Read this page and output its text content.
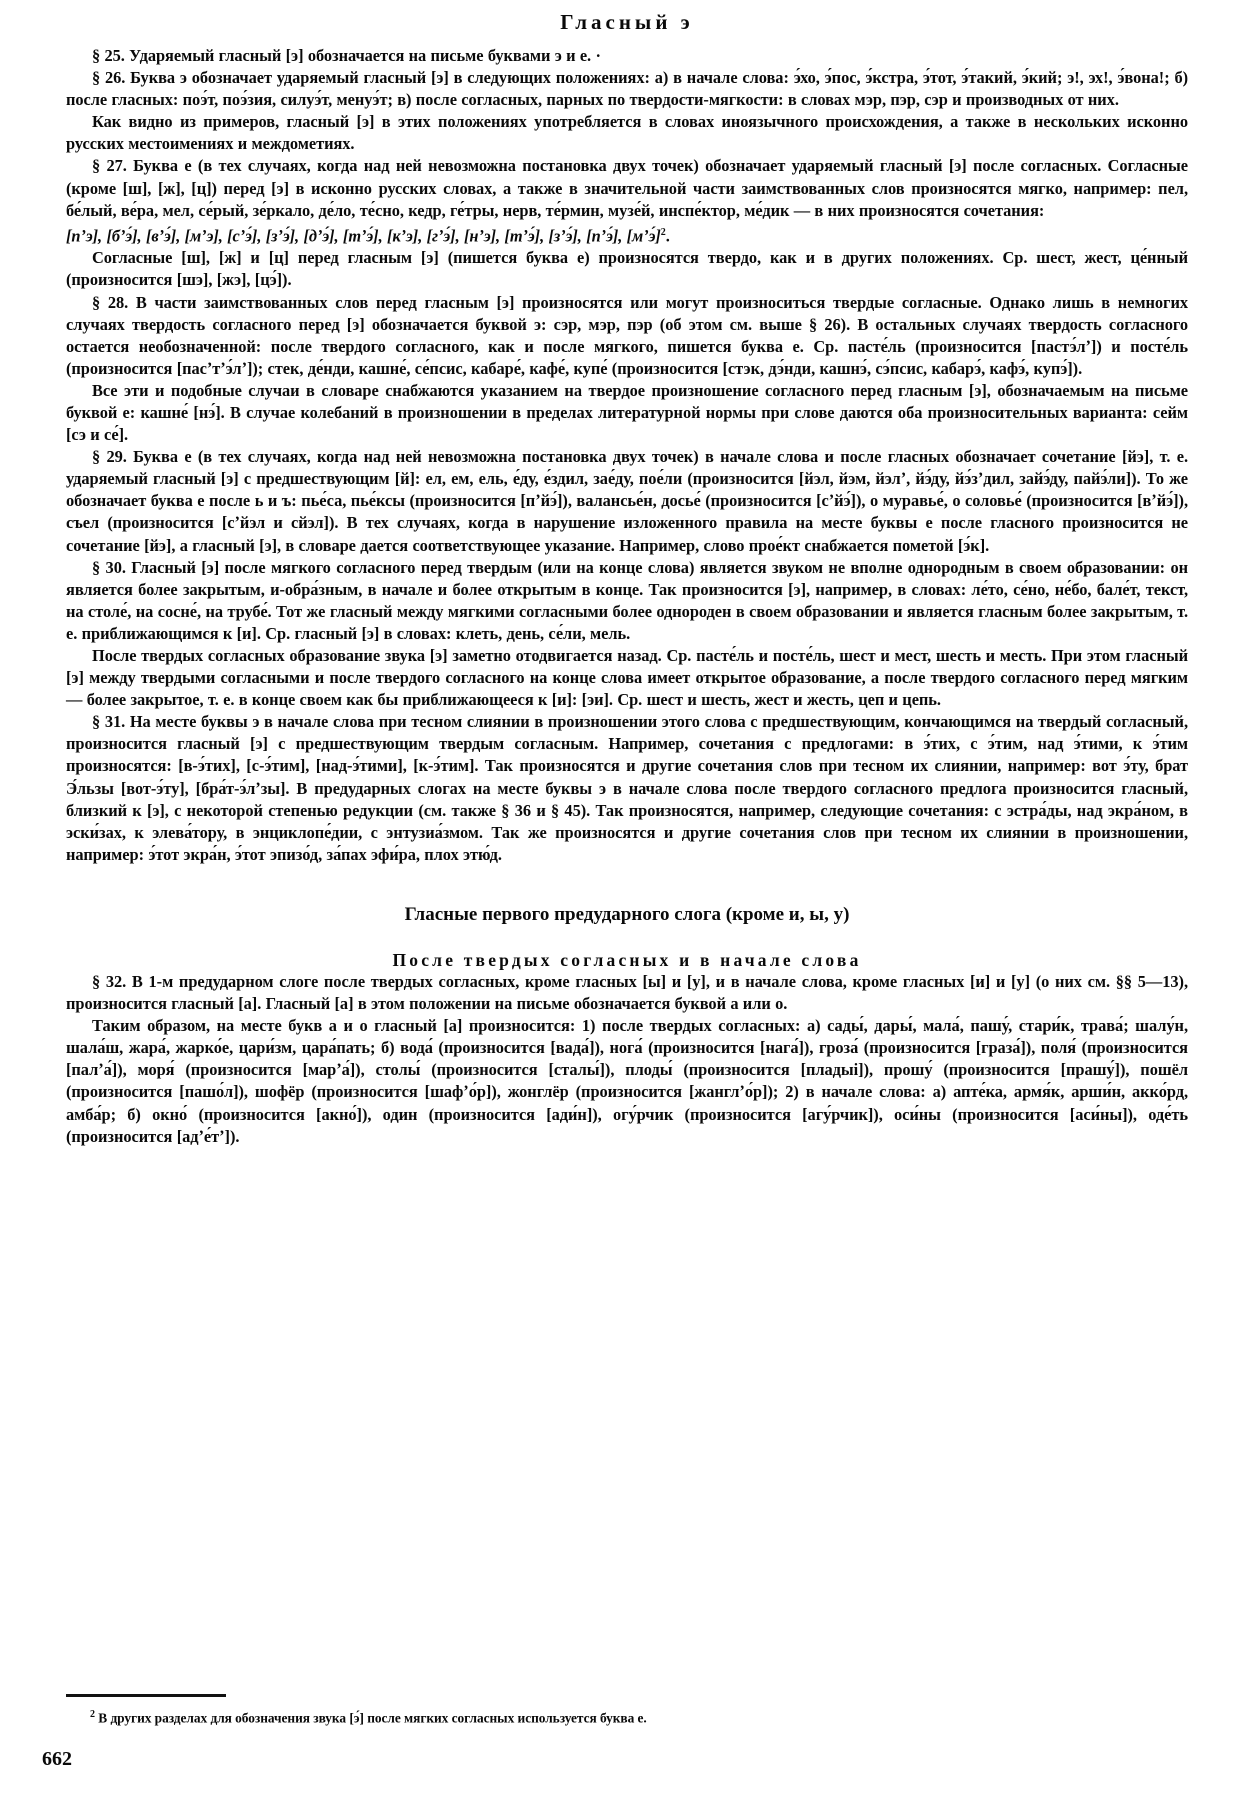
Гласный э

§ 25. Ударяемый гласный [э] обозначается на письме буквами э и е. ·

§ 26. Буква э обозначает ударяемый гласный [э] в следующих положениях: а) в начале слова: э́хо, э́пос, э́кстра, э́тот, э́такий, э́кий; э!, эх!, э́вона!; б) после гласных: поэ́т, поэ́зия, силуэ́т, менуэ́т; в) после согласных, парных по твердости-мягкости: в словах мэр, пэр, сэр и производных от них.

Как видно из примеров, гласный [э] в этих положениях употребляется в словах иноязычного происхождения, а также в нескольких исконно русских местоимениях и междометиях.

§ 27. Буква е (в тех случаях, когда над ней невозможна постановка двух точек) обозначает ударяемый гласный [э] после согласных. Согласные (кроме [ш], [ж], [ц]) перед [э] в исконно русских словах, а также в значительной части заимствованных слов произносятся мягко, например: пел, бе́лый, ве́ра, мел, се́рый, зе́ркало, де́ло, те́сно, кедр, ге́тры, нерв, те́рмин, музе́й, инспе́ктор, ме́дик — в них произносятся сочетания:

[пʼэ], [бʼэ́], [вʼэ́], [мʼэ], [сʼэ́], [зʼэ́], [дʼэ́], [тʼэ́], [кʼэ], [гʼэ́], [нʼэ], [тʼэ́], [зʼэ́], [пʼэ́], [мʼэ́]$^2$.

Согласные [ш], [ж] и [ц] перед гласным [э] (пишется буква е) произносятся твердо, как и в других положениях. Ср. шест, жест, це́нный (произносится [шэ], [жэ], [цэ́]).

§ 28. В части заимствованных слов перед гласным [э] произносятся или могут произноситься твердые согласные. Однако лишь в немногих случаях твердость согласного перед [э] обозначается буквой э: сэр, мэр, пэр (об этом см. выше § 26). В остальных случаях твердость согласного остается необозначенной: после твердого согласного, как и после мягкого, пишется буква е. Ср. пасте́ль (произносится [пастэ́лʼ]) и посте́ль (произносится [пасʼтʼэ́лʼ]); стек, де́нди, кашне́, се́псис, кабаре́, кафе́, купе́ (произносится [стэк, дэ́нди, кашнэ́, сэ́псис, кабарэ́, кафэ́, купэ́]).

Все эти и подобные случаи в словаре снабжаются указанием на твердое произношение согласного перед гласным [э], обозначаемым на письме буквой е: кашне́ [нэ́]. В случае колебаний в произношении в пределах литературной нормы при слове даются оба произносительных варианта: сейм [сэ и се́].

§ 29. Буква е (в тех случаях, когда над ней невозможна постановка двух точек) в начале слова и после гласных обозначает сочетание [йэ], т. е. ударяемый гласный [э] с предшествующим [й]: ел, ем, ель, е́ду, е́здил, зае́ду, пое́ли (произносится [йэл, йэм, йэлʼ, йэ́ду, йэ́зʼдил, зайэ́ду, пайэ́ли]). То же обозначает буква е после ь и ъ: пье́са, пье́ксы (произносится [пʼйэ́]), валансье́н, досье́ (произносится [сʼйэ́]), о муравье́, о соловье́ (произносится [вʼйэ́]), съел (произносится [сʼйэл и сйэл]). В тех случаях, когда в нарушение изложенного правила на месте буквы е после гласного произносится не сочетание [йэ], а гласный [э], в словаре дается соответствующее указание. Например, слово прое́кт снабжается пометой [э́к].

§ 30. Гласный [э] после мягкого согласного перед твердым (или на конце слова) является звуком не вполне однородным в своем образовании: он является более закрытым, и-обра́зным, в начале и более открытым в конце. Так произносится [э], например, в словах: ле́то, се́но, не́бо, бале́т, текст, на столе́, на сосне́, на трубе́. Тот же гласный между мягкими согласными более однороден в своем образовании и является гласным более закрытым, т. е. приближающимся к [и]. Ср. гласный [э] в словах: клеть, день, се́ли, мель.

После твердых согласных образование звука [э] заметно отодвигается назад. Ср. пасте́ль и посте́ль, шест и мест, шесть и месть. При этом гласный [э] между твердыми согласными и после твердого согласного на конце слова имеет открытое образование, а после твердого согласного перед мягким — более закрытое, т. е. в конце своем как бы приближающееся к [и]: [эи]. Ср. шест и шесть, жест и жесть, цеп и цепь.

§ 31. На месте буквы э в начале слова при тесном слиянии в произношении этого слова с предшествующим, кончающимся на твердый согласный, произносится гласный [э] с предшествующим твердым согласным. Например, сочетания с предлогами: в э́тих, с э́тим, над э́тими, к э́тим произносятся: [в-э́тих], [с-э́тим], [над-э́тими], [к-э́тим]. Так произносятся и другие сочетания слов при тесном их слиянии, например: вот э́ту, брат Э́льзы [вот-э́ту], [бра́т-э́лʼзы]. В предударных слогах на месте буквы э в начале слова после твердого согласного предлога произносится гласный, близкий к [э], с некоторой степенью редукции (см. также § 36 и § 45). Так произносятся, например, следующие сочетания: с эстра́ды, над экра́ном, в эски́зах, к элева́тору, в энциклопе́дии, с энтузиа́змом. Так же произносятся и другие сочетания слов при тесном их слиянии в произношении, например: э́тот экра́н, э́тот эпизо́д, за́пах эфи́ра, плох этю́д.

Гласные первого предударного слога (кроме и, ы, у)
После твердых согласных и в начале слова

§ 32. В 1-м предударном слоге после твердых согласных, кроме гласных [ы] и [у], и в начале слова, кроме гласных [и] и [у] (о них см. §§ 5—13), произносится гласный [а]. Гласный [а] в этом положении на письме обозначается буквой а или о.

Таким образом, на месте букв а и о гласный [а] произносится: 1) после твердых согласных: а) сады́, дары́, мала́, пашу́, стари́к, трава́; шалу́н, шала́ш, жара́, жарко́е, цари́зм, цара́пать; б) вода́ (произносится [вада́]), нога́ (произносится [нага́]), гроза́ (произносится [граза́]), поля́ (произносится [палʼа́]), моря́ (произносится [марʼа́]), столы́ (произносится [сталы́]), плоды́ (произносится [пладыі]), прошу́ (произносится [прашу́]), пошёл (произносится [пашо́л]), шофёр (произносится [шафʼо́р]), жонглёр (произносится [жанглʼо́р]); 2) в начале слова: а) апте́ка, армя́к, арши́н, акко́рд, амба́р; б) окно́ (произносится [акно́]), один (произносится [ади́н]), огу́рчик (произносится [агу́рчик]), оси́ны (произносится [аси́ны]), оде́ть (произносится [адʼе́тʼ]).

$^2$ В других разделах для обозначения звука [э́] после мягких согласных используется буква е.

662
